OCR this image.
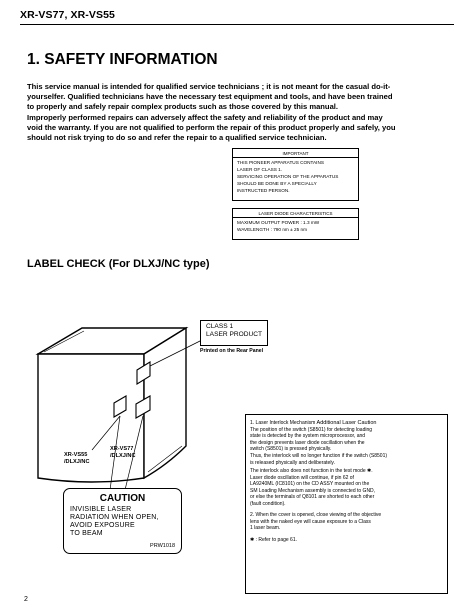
XR-VS77, XR-VS55
1. SAFETY INFORMATION
This service manual is intended for qualified service technicians ; it is not meant for the casual do-it-
yourselfer. Qualified technicians have the necessary test equipment and tools, and have been trained
to properly and safely repair complex products such as those covered by this manual.
Improperly performed repairs can adversely affect the safety and reliability of the product and may
void the warranty. If you are not qualified to perform the repair of this product properly and safely, you
should not risk trying to do so and refer the repair to a qualified service technician.
IMPORTANT
THIS PIONEER APPARATUS CONTAINS
LASER OF CLASS 1.
SERVICING OPERATION OF THE APPARATUS
SHOULD BE DONE BY A SPECIALLY
INSTRUCTED PERSON.
LASER DIODE CHARACTERISTICS
MAXIMUM OUTPUT POWER : 1.3 mW
WAVELENGTH : 790 nm ± 25 nm
LABEL CHECK (For DLXJ/NC type)
CLASS 1
LASER PRODUCT
Printed on the Rear Panel
XR-VS55
/DLXJ/NC
XR-VS77
/DLXJ/NC
CAUTION
INVISIBLE LASER
RADIATION WHEN OPEN,
AVOID EXPOSURE
TO BEAM
PRW1018
Additional Laser Caution
1. Laser Interlock Mechanism
The position of the switch (S8501) for detecting loading
state is detected by the system microprocessor, and
the design prevents laser diode oscillation when the
switch (S8501) is pressed physically.
Thus, the interlock will no longer function if the switch (S8501)
is released physically and deliberately.
The interlock also does not function in the test mode ✱.
Laser diode oscillation will continue, if pin 62 of
LA9240ML (IC8101) on the CD ASSY mounted on the
SM Loading Mechanism assembly is connected to GND,
or else the terminals of Q8101 are shorted to each other
(fault condition).
2. When the cover is opened, close viewing of the objective
lens with the naked eye will cause exposure to a Class
1 laser beam.
✱ : Refer to page 61.
2
